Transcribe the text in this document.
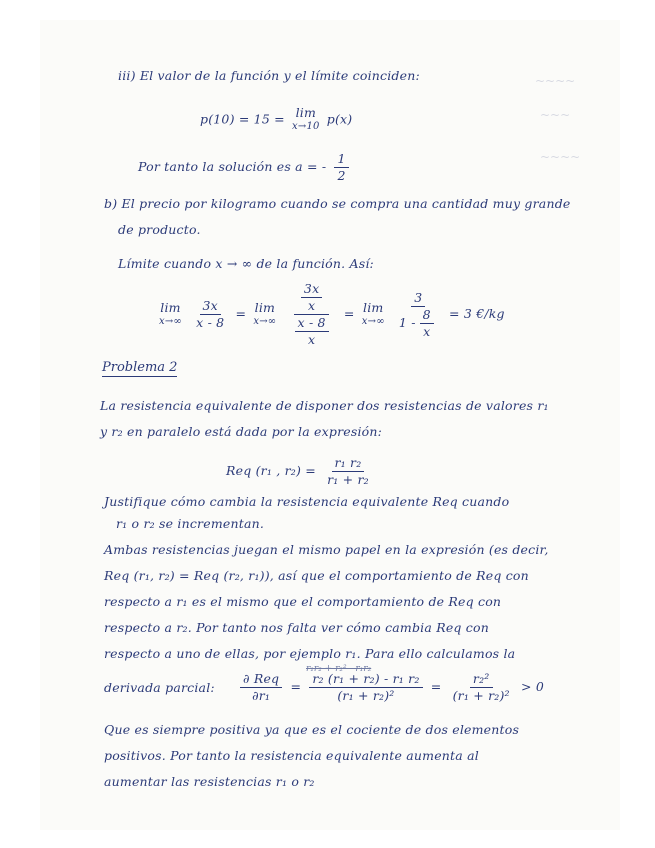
~~~~
~~~
~~~~
iii) El valor de la función y el límite coinciden:
p(10) = 15 = lim
x→10 p(x)
Por tanto la solución es a = - $\frac{1}{2}$
b) El precio por kilogramo cuando se compra una cantidad muy grande
de producto.
Límite cuando x → ∞ de la función. Así:
lim
x→∞
$\frac{3x}{x - 8} = \lim$
x→∞
$\frac{\frac{3x}{x}}{\frac{x - 8}{x}} = \lim$
x→∞
$\frac{3}{1 - \frac{8}{x}} = 3$ €/kg
Problema 2
La resistencia equivalente de disponer dos resistencias de valores r₁
y r₂ en paralelo está dada por la expresión:
Req (r₁ , $r_2) = \frac{\text{r₁ r₂}}{\text{r₁ + r₂}}$
Justifique cómo cambia la resistencia equivalente Req cuando
r₁ o r₂ se incrementan.
Ambas resistencias juegan el mismo papel en la expresión (es decir,
Req (r₁, r₂) = Req (r₂, r₁)), así que el comportamiento de Req con
respecto a r₁ es el mismo que el comportamiento de Req con
respecto a r₂. Por tanto nos falta ver cómo cambia Req con
respecto a uno de ellas, por ejemplo r₁. Para ello calculamos la
r₁r₂ + r₂² - r₁r₂
derivada parcial: $\frac{\text{∂ Req}}{\text{∂r₁}} = \frac{\text{r₂ (r₁ + r₂) - r₁ r₂}}{\text{(r₁ + r₂)²}} = \frac{\text{r₂²}}{\text{(r₁ + r₂)²}} > 0$
Que es siempre positiva ya que es el cociente de dos elementos
positivos. Por tanto la resistencia equivalente aumenta al
aumentar las resistencias r₁ o r₂
